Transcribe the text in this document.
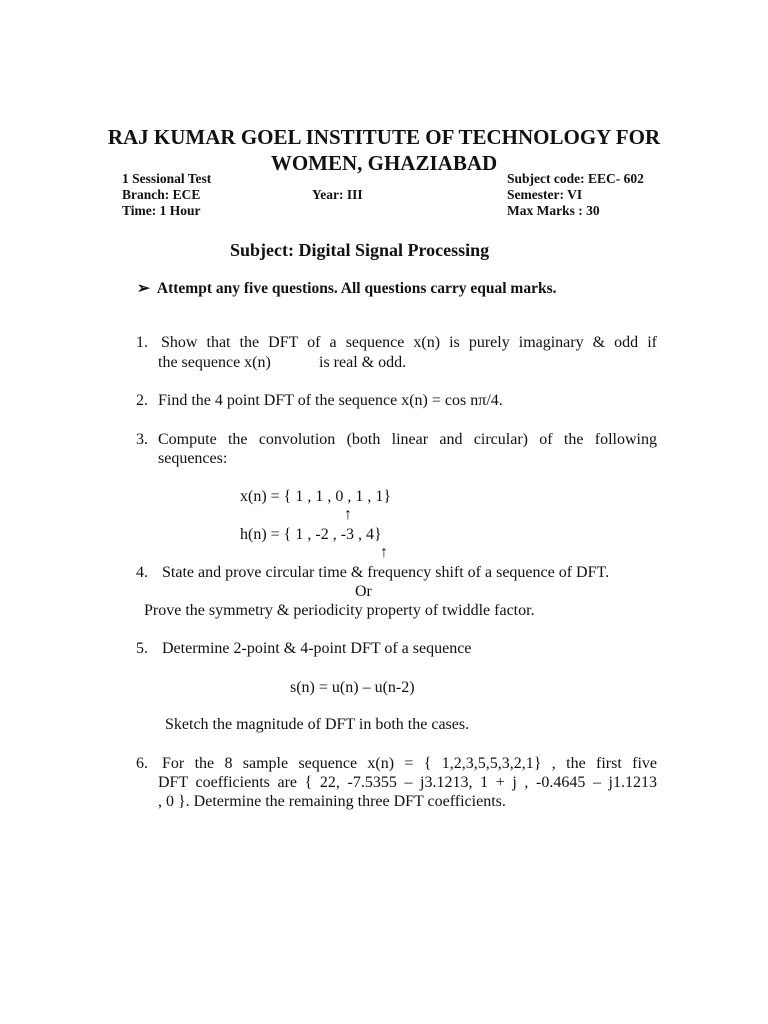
RAJ KUMAR GOEL INSTITUTE OF TECHNOLOGY FOR
WOMEN, GHAZIABAD
1 Sessional Test	Subject code: EEC- 602
Branch: ECE	Year: III	Semester: VI
Time: 1 Hour	Max Marks : 30
Subject: Digital Signal Processing
➢ Attempt any five questions. All questions carry equal marks.
1. Show that the DFT of a sequence x(n) is purely imaginary & odd if
the sequence x(n)	is real & odd.
2. Find the 4 point DFT of the sequence x(n) = cos nπ/4.
3. Compute the convolution (both linear and circular) of the following
sequences:
x(n) = { 1 , 1 , 0 , 1 , 1}
↑
h(n) = { 1 , -2 , -3 , 4}
↑
4. State and prove circular time & frequency shift of a sequence of DFT.
Or
Prove the symmetry & periodicity property of twiddle factor.
5. Determine 2-point & 4-point DFT of a sequence
s(n) = u(n) – u(n-2)
Sketch the magnitude of DFT in both the cases.
6. For the 8 sample sequence x(n) = { 1,2,3,5,5,3,2,1} , the first five
DFT coefficients are { 22, -7.5355 – j3.1213, 1 + j , -0.4645 – j1.1213
, 0 }. Determine the remaining three DFT coefficients.
